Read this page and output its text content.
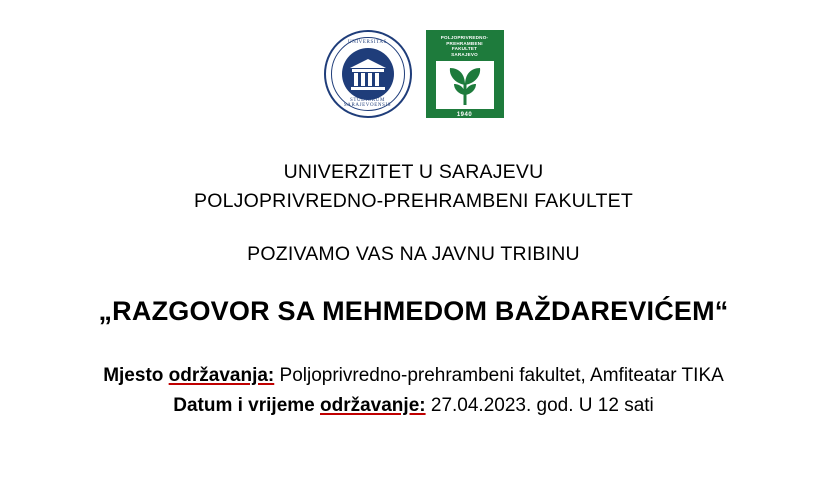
UNIVERSITAS
STUDIORUM SARAJEVOENSIS
POLJOPRIVREDNO-
PREHRAMBENI
FAKULTET
SARAJEVO
1940
UNIVERZITET U SARAJEVU
POLJOPRIVREDNO-PREHRAMBENI FAKULTET
POZIVAMO VAS NA JAVNU TRIBINU
„RAZGOVOR SA MEHMEDOM BAŽDAREVIĆEM“
Mjesto održavanja: Poljoprivredno-prehrambeni fakultet, Amfiteatar TIKA
Datum i vrijeme održavanje: 27.04.2023. god. U 12 sati
